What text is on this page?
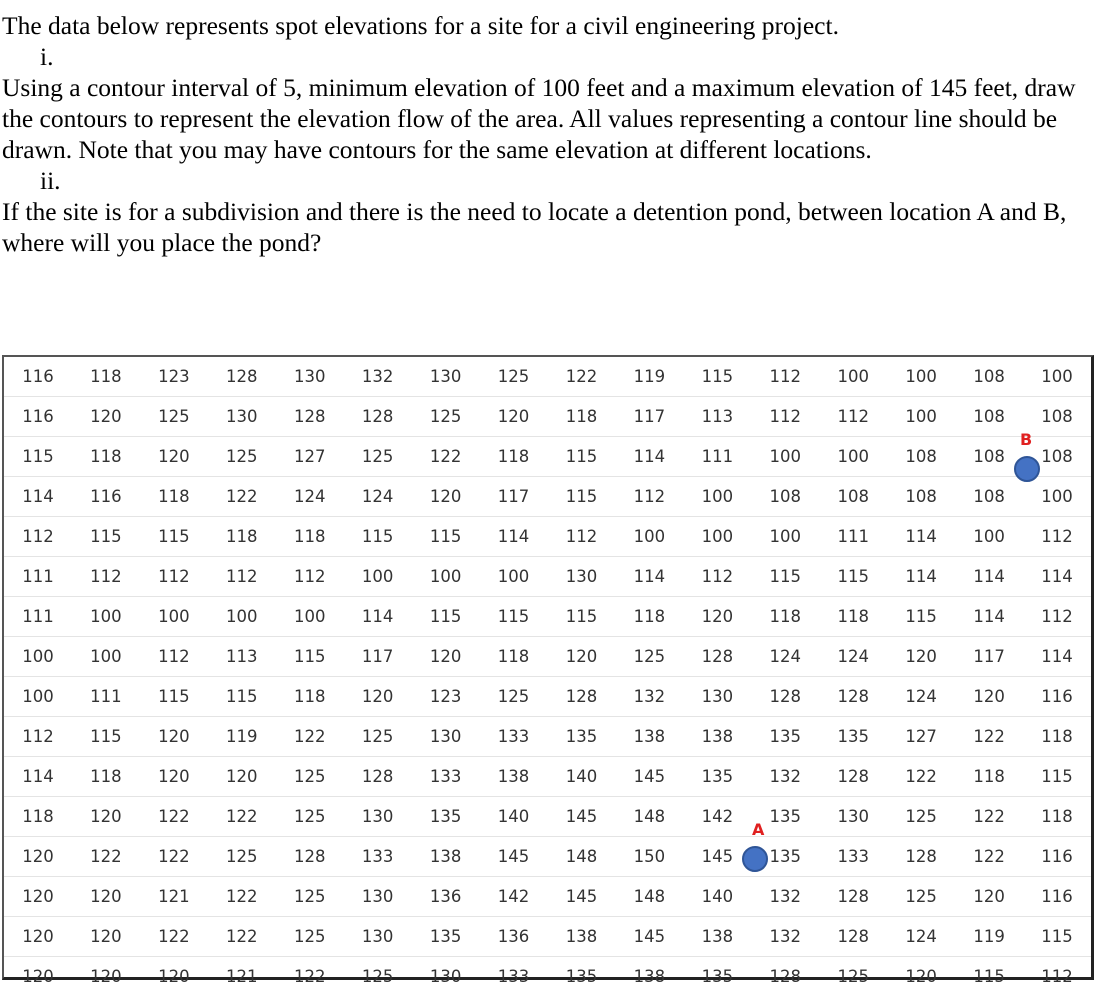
The data below represents spot elevations for a site for a civil engineering project.

i.

Using a contour interval of 5, minimum elevation of 100 feet and a maximum elevation of 145 feet, draw the contours to represent the elevation flow of the area. All values representing a contour line should be drawn. Note that you may have contours for the same elevation at different locations.

ii.

If the site is for a subdivision and there is the need to locate a detention pond, between location A and B, where will you place the pond?

116	118	123	128	130	132	130	125	122	119	115	112	100	100	108	100
116	120	125	130	128	128	125	120	118	117	113	112	112	100	108	108
115	118	120	125	127	125	122	118	115	114	111	100	100	108	108	108
114	116	118	122	124	124	120	117	115	112	100	108	108	108	108	100
112	115	115	118	118	115	115	114	112	100	100	100	111	114	100	112
111	112	112	112	112	100	100	100	130	114	112	115	115	114	114	114
111	100	100	100	100	114	115	115	115	118	120	118	118	115	114	112
100	100	112	113	115	117	120	118	120	125	128	124	124	120	117	114
100	111	115	115	118	120	123	125	128	132	130	128	128	124	120	116
112	115	120	119	122	125	130	133	135	138	138	135	135	127	122	118
114	118	120	120	125	128	133	138	140	145	135	132	128	122	118	115
118	120	122	122	125	130	135	140	145	148	142	135	130	125	122	118
120	122	122	125	128	133	138	145	148	150	145	135	133	128	122	116
120	120	121	122	125	130	136	142	145	148	140	132	128	125	120	116
120	120	122	122	125	130	135	136	138	145	138	132	128	124	119	115
120	120	120	121	122	125	130	133	135	138	135	128	125	120	115	112
B
A
